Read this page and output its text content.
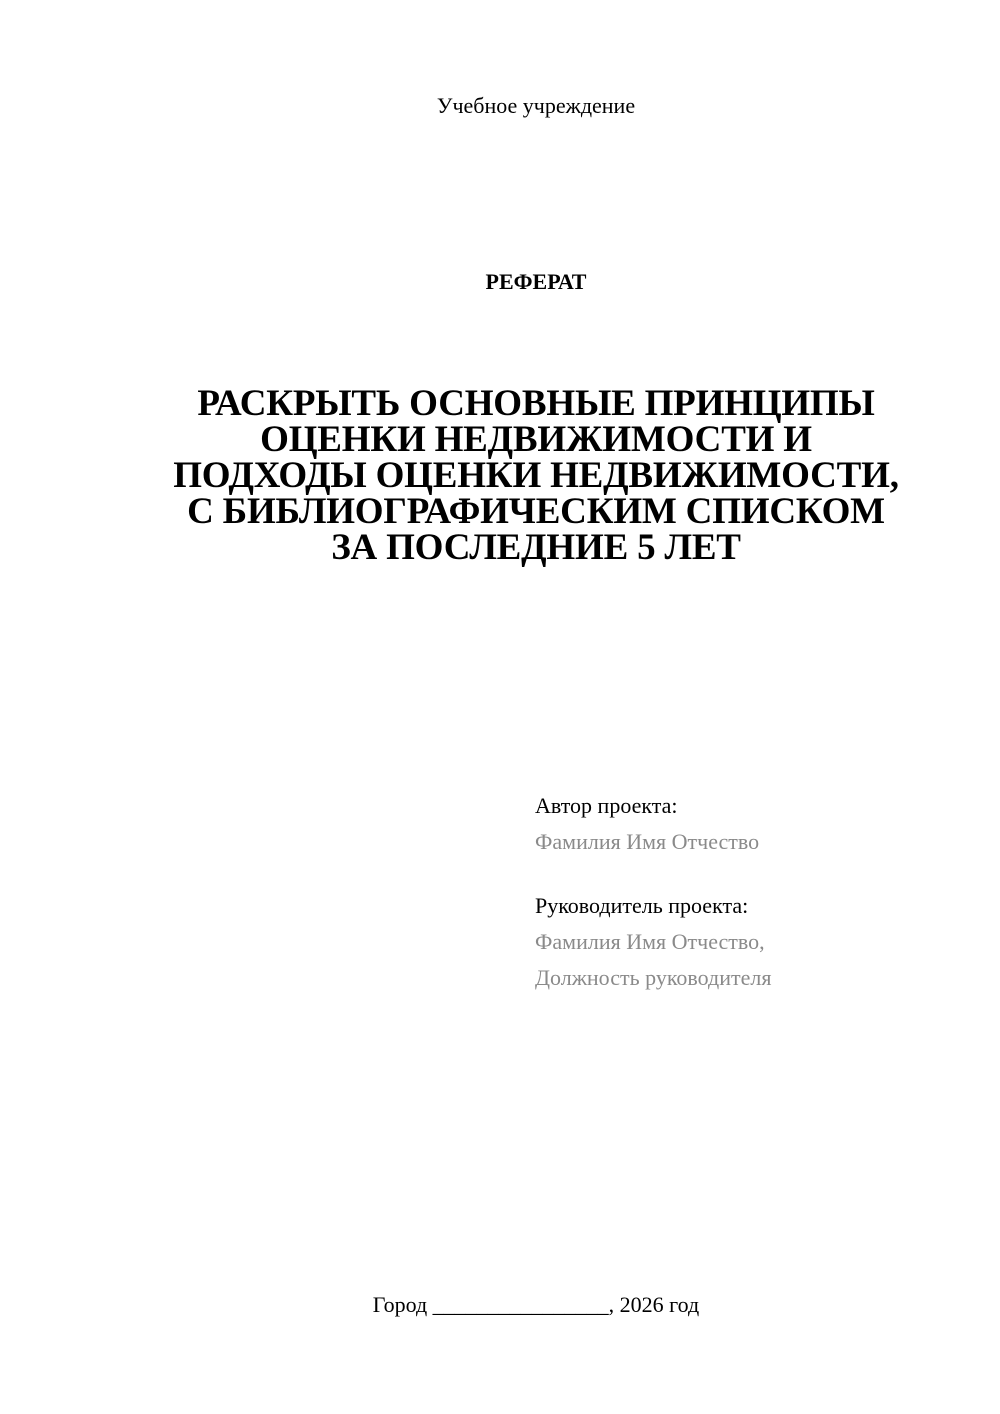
Учебное учреждение
РЕФЕРАТ
РАСКРЫТЬ ОСНОВНЫЕ ПРИНЦИПЫ
ОЦЕНКИ НЕДВИЖИМОСТИ И
ПОДХОДЫ ОЦЕНКИ НЕДВИЖИМОСТИ,
С БИБЛИОГРАФИЧЕСКИМ СПИСКОМ
ЗА ПОСЛЕДНИЕ 5 ЛЕТ
Автор проекта:
Фамилия Имя Отчество
Руководитель проекта:
Фамилия Имя Отчество,
Должность руководителя
Город ________________, 2026 год
